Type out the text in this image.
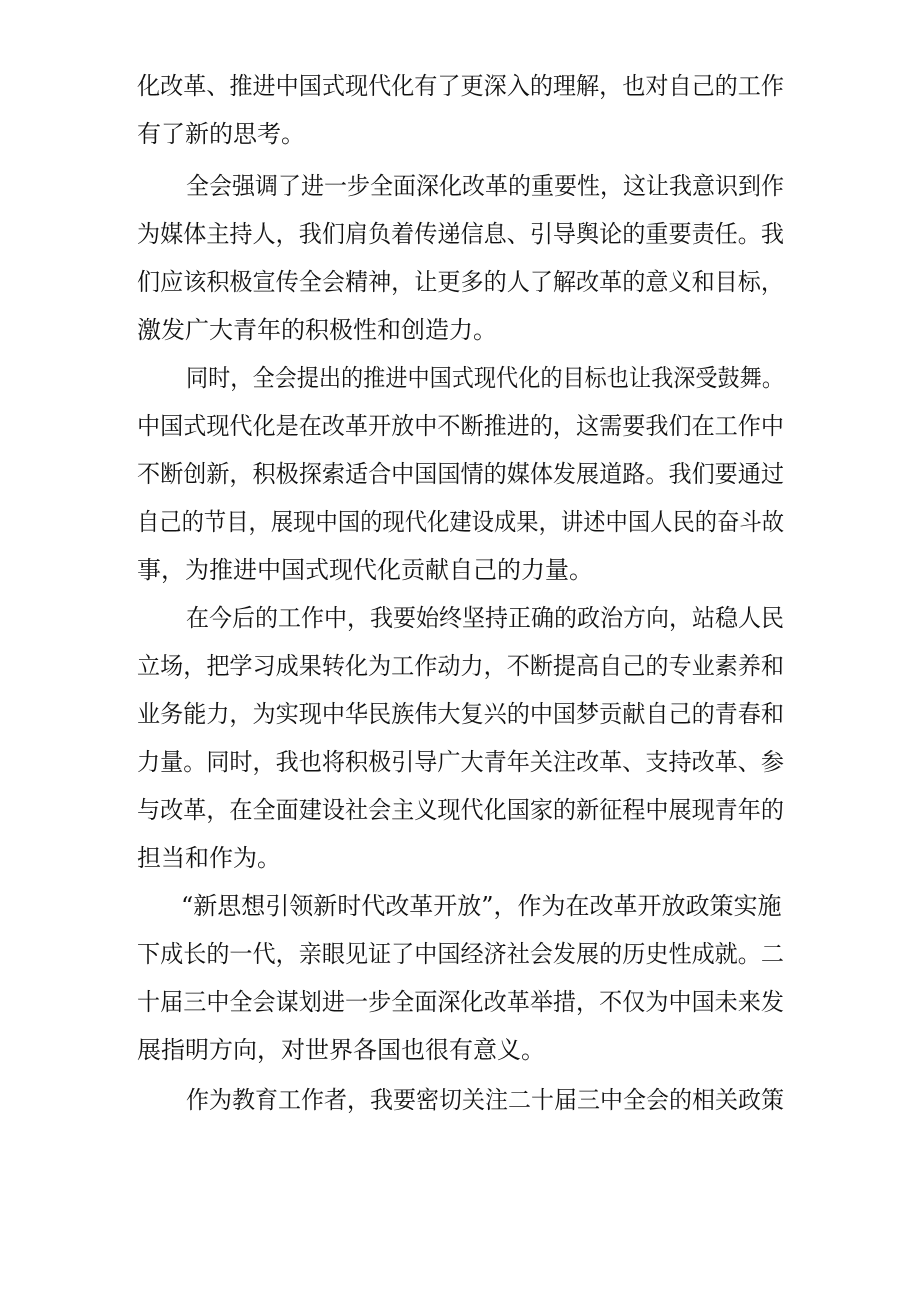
化改革、推进中国式现代化有了更深入的理解，也对自己的工作
有了新的思考。
全会强调了进一步全面深化改革的重要性，这让我意识到作
为媒体主持人，我们肩负着传递信息、引导舆论的重要责任。我
们应该积极宣传全会精神，让更多的人了解改革的意义和目标，
激发广大青年的积极性和创造力。
同时，全会提出的推进中国式现代化的目标也让我深受鼓舞。
中国式现代化是在改革开放中不断推进的，这需要我们在工作中
不断创新，积极探索适合中国国情的媒体发展道路。我们要通过
自己的节目，展现中国的现代化建设成果，讲述中国人民的奋斗故
事，为推进中国式现代化贡献自己的力量。
在今后的工作中，我要始终坚持正确的政治方向，站稳人民
立场，把学习成果转化为工作动力，不断提高自己的专业素养和
业务能力，为实现中华民族伟大复兴的中国梦贡献自己的青春和
力量。同时，我也将积极引导广大青年关注改革、支持改革、参
与改革，在全面建设社会主义现代化国家的新征程中展现青年的
担当和作为。
“新思想引领新时代改革开放”，作为在改革开放政策实施
下成长的一代，亲眼见证了中国经济社会发展的历史性成就。二
十届三中全会谋划进一步全面深化改革举措，不仅为中国未来发
展指明方向，对世界各国也很有意义。
作为教育工作者，我要密切关注二十届三中全会的相关政策
